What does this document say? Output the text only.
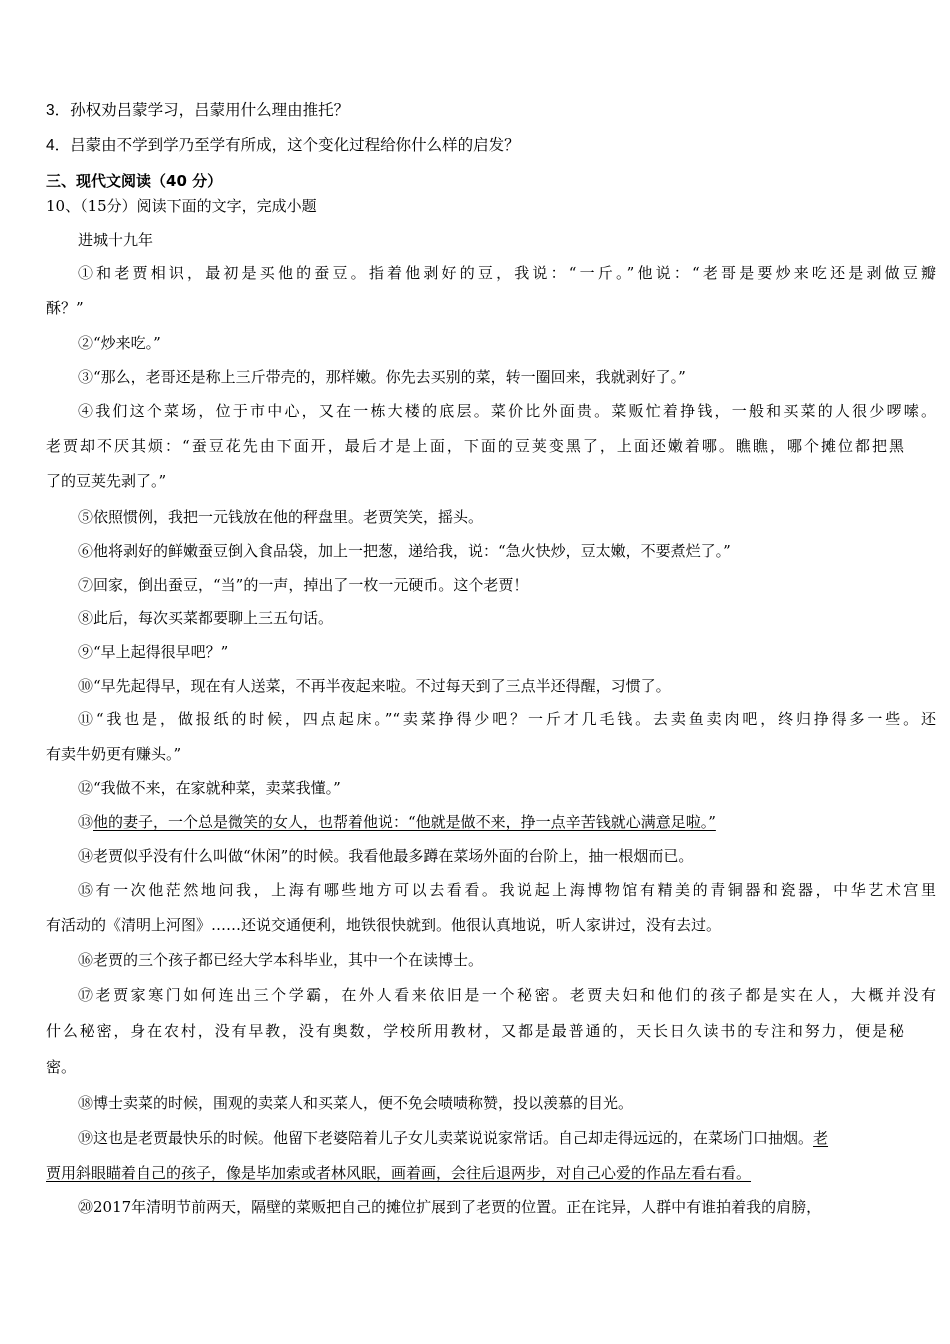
3．孙权劝吕蒙学习，吕蒙用什么理由推托？
4．吕蒙由不学到学乃至学有所成，这个变化过程给你什么样的启发？
三、现代文阅读（40 分）
10、（15分）阅读下面的文字，完成小题
进城十九年
①和老贾相识，最初是买他的蚕豆。指着他剥好的豆，我说：“一斤。”他说：“老哥是要炒来吃还是剥做豆瓣
酥？”
②“炒来吃。”
③“那么，老哥还是称上三斤带壳的，那样嫩。你先去买别的菜，转一圈回来，我就剥好了。”
④我们这个菜场，位于市中心，又在一栋大楼的底层。菜价比外面贵。菜贩忙着挣钱，一般和买菜的人很少啰嗦。
老贾却不厌其烦：“蚕豆花先由下面开，最后才是上面，下面的豆荚变黑了，上面还嫩着哪。瞧瞧，哪个摊位都把黑
了的豆荚先剥了。”
⑤依照惯例，我把一元钱放在他的秤盘里。老贾笑笑，摇头。
⑥他将剥好的鲜嫩蚕豆倒入食品袋，加上一把葱，递给我，说：“急火快炒，豆太嫩，不要煮烂了。”
⑦回家，倒出蚕豆，“当”的一声，掉出了一枚一元硬币。这个老贾！
⑧此后，每次买菜都要聊上三五句话。
⑨“早上起得很早吧？”
⑩“早先起得早，现在有人送菜，不再半夜起来啦。不过每天到了三点半还得醒，习惯了。
⑪“我也是，做报纸的时候，四点起床。”“卖菜挣得少吧？一斤才几毛钱。去卖鱼卖肉吧，终归挣得多一些。还
有卖牛奶更有赚头。”
⑫“我做不来，在家就种菜，卖菜我懂。”
⑬他的妻子，一个总是微笑的女人，也帮着他说：“他就是做不来，挣一点辛苦钱就心满意足啦。”
⑭老贾似乎没有什么叫做“休闲”的时候。我看他最多蹲在菜场外面的台阶上，抽一根烟而已。
⑮有一次他茫然地问我，上海有哪些地方可以去看看。我说起上海博物馆有精美的青铜器和瓷器，中华艺术宫里
有活动的《清明上河图》……还说交通便利，地铁很快就到。他很认真地说，听人家讲过，没有去过。
⑯老贾的三个孩子都已经大学本科毕业，其中一个在读博士。
⑰老贾家寒门如何连出三个学霸，在外人看来依旧是一个秘密。老贾夫妇和他们的孩子都是实在人，大概并没有
什么秘密，身在农村，没有早教，没有奥数，学校所用教材，又都是最普通的，天长日久读书的专注和努力，便是秘
密。
⑱博士卖菜的时候，围观的卖菜人和买菜人，便不免会啧啧称赞，投以羡慕的目光。
⑲这也是老贾最快乐的时候。他留下老婆陪着儿子女儿卖菜说说家常话。自己却走得远远的，在菜场门口抽烟。老
贾用斜眼瞄着自己的孩子，像是毕加索或者林风眠，画着画，会往后退两步，对自己心爱的作品左看右看。
⑳2017年清明节前两天，隔壁的菜贩把自己的摊位扩展到了老贾的位置。正在诧异，人群中有谁拍着我的肩膀，
